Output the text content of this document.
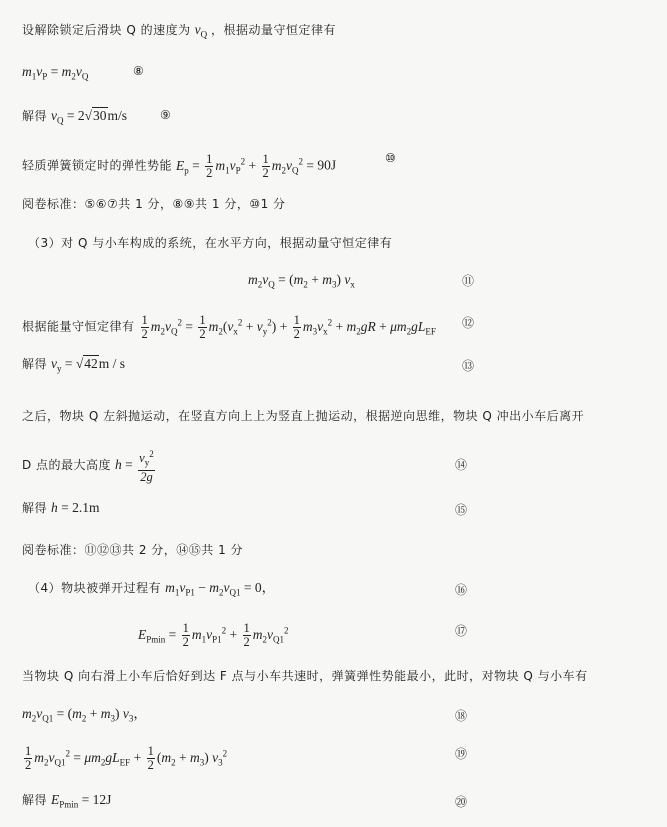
设解除锁定后滑块 Q 的速度为 $v_Q$ ，根据动量守恒定律有
$m_1v_P = m_2v_Q$	⑧
解得 $v_Q = 2√30m/s$	⑨
轻质弹簧锁定时的弹性势能 $E_p = \frac{1}{2} m_1v_P^2 + \frac{1}{2} m_2v_Q^2 = 90J$	⑩
阅卷标准：⑤⑥⑦共 1 分，⑧⑨共 1 分，⑩1 分
（3）对 Q 与小车构成的系统，在水平方向，根据动量守恒定律有
$m_2v_Q = (m_2 + m_3)$ $v_x$	⑪
根据能量守恒定律有 $\frac{1}{2} m_2v_Q^2 = \frac{1}{2} m_2(v_x^2 + v_y^2) + \frac{1}{2} m_3v_x^2 + m_2gR + \mu m_2gL_{EF}$
⑫
解得 $v_y = √42m / s$	⑬
之后，物块 Q 左斜抛运动，在竖直方向上上为竖直上抛运动，根据逆向思维，物块 Q 冲出小车后离开
D 点的最大高度 $h = \frac{v_y^2}{2g}$	⑭
解得 h = 2.1m	⑮
阅卷标准：⑪⑫⑬共 2 分，⑭⑮共 1 分
（4）物块被弹开过程有 $m_1v_{P1} - m_2v_{Q1} = 0$，	⑯
$E_{Pmin} = \frac{1}{2} m_1v_{P1}^2 + \frac{1}{2} m_2v_{Q1}^2$	⑰
当物块 Q 向右滑上小车后恰好到达 F 点与小车共速时，弹簧弹性势能最小，此时，对物块 Q 与小车有
$m_2v_{Q1} = (m_2 + m_3)$ $v_3$，	⑱
$\frac{1}{2} m_2v_{Q1}^2 = \mu m_2gL_{EF} + \frac{1}{2} (m_2 + m_3)$ $v_3^2$	⑲
解得 $E_{Pmin} = 12J$	⑳
